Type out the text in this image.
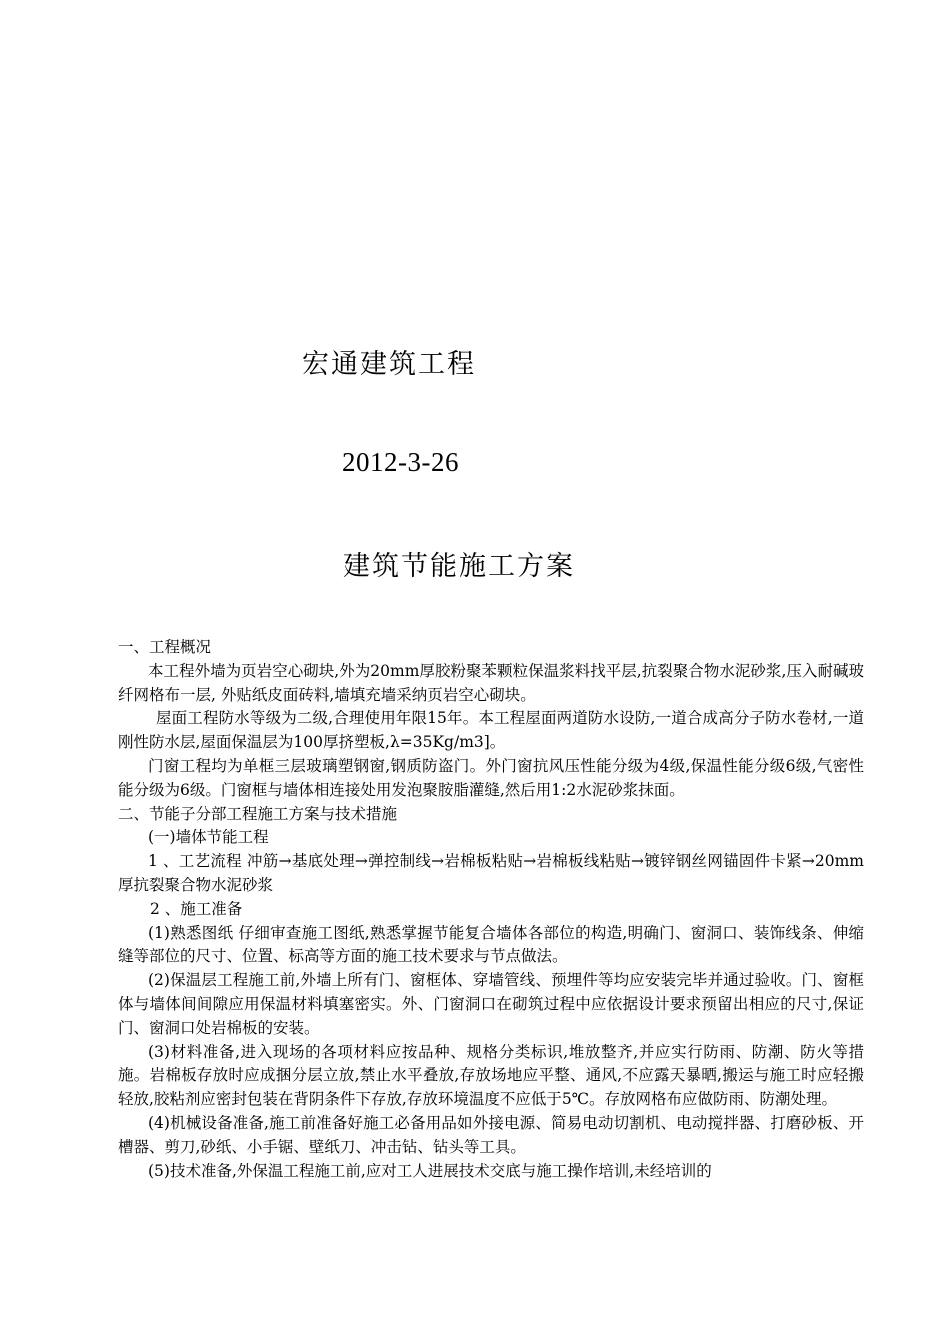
宏通建筑工程
2012-3-26
建筑节能施工方案

一、工程概况

本工程外墙为页岩空心砌块,外为20mm厚胶粉聚苯颗粒保温浆料找平层,抗裂聚合物水泥砂浆,压入耐碱玻纤网格布一层, 外贴纸皮面砖料,墙填充墙采纳页岩空心砌块。

屋面工程防水等级为二级,合理使用年限15年。本工程屋面两道防水设防,一道合成高分子防水卷材,一道刚性防水层,屋面保温层为100厚挤塑板,λ=35Kg/m3]。

门窗工程均为单框三层玻璃塑钢窗,钢质防盗门。外门窗抗风压性能分级为4级,保温性能分级6级,气密性能分级为6级。门窗框与墙体相连接处用发泡聚胺脂灌缝,然后用1:2水泥砂浆抹面。

二、节能子分部工程施工方案与技术措施

(一)墙体节能工程

1 、工艺流程 冲筋→基底处理→弹控制线→岩棉板粘贴→岩棉板线粘贴→镀锌钢丝网锚固件卡紧→20mm厚抗裂聚合物水泥砂浆

2 、施工准备

(1)熟悉图纸 仔细审查施工图纸,熟悉掌握节能复合墙体各部位的构造,明确门、窗洞口、装饰线条、伸缩缝等部位的尺寸、位置、标高等方面的施工技术要求与节点做法。

(2)保温层工程施工前,外墙上所有门、窗框体、穿墙管线、预埋件等均应安装完毕并通过验收。门、窗框体与墙体间间隙应用保温材料填塞密实。外、门窗洞口在砌筑过程中应依据设计要求预留出相应的尺寸,保证门、窗洞口处岩棉板的安装。

(3)材料准备,进入现场的各项材料应按品种、规格分类标识,堆放整齐,并应实行防雨、防潮、防火等措施。岩棉板存放时应成捆分层立放,禁止水平叠放,存放场地应平整、通风,不应露天暴晒,搬运与施工时应轻搬轻放,胶粘剂应密封包装在背阴条件下存放,存放环境温度不应低于5℃。存放网格布应做防雨、防潮处理。

(4)机械设备准备,施工前准备好施工必备用品如外接电源、简易电动切割机、电动搅拌器、打磨砂板、开槽器、剪刀,砂纸、小手锯、壁纸刀、冲击钻、钻头等工具。

(5)技术准备,外保温工程施工前,应对工人进展技术交底与施工操作培训,未经培训的
